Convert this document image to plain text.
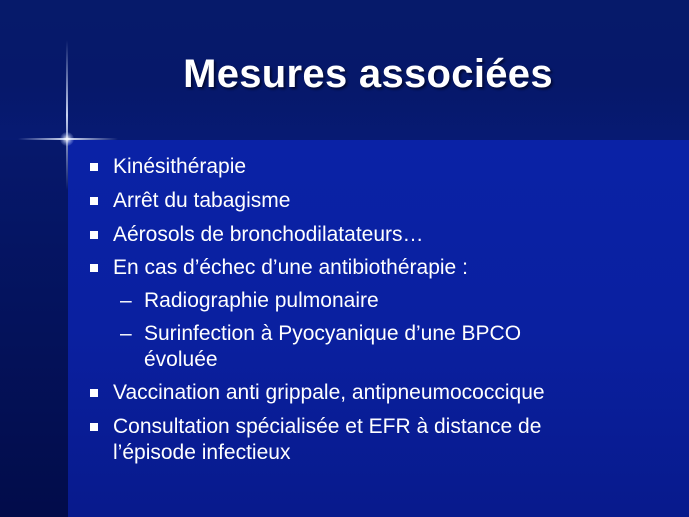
Mesures associées
Kinésithérapie
Arrêt du tabagisme
Aérosols de bronchodilatateurs…
En cas d’échec d’une antibiothérapie :
– Radiographie pulmonaire
– Surinfection à Pyocyanique d’une BPCO
évoluée
Vaccination anti grippale, antipneumococcique
Consultation spécialisée et EFR à distance de
l’épisode infectieux
